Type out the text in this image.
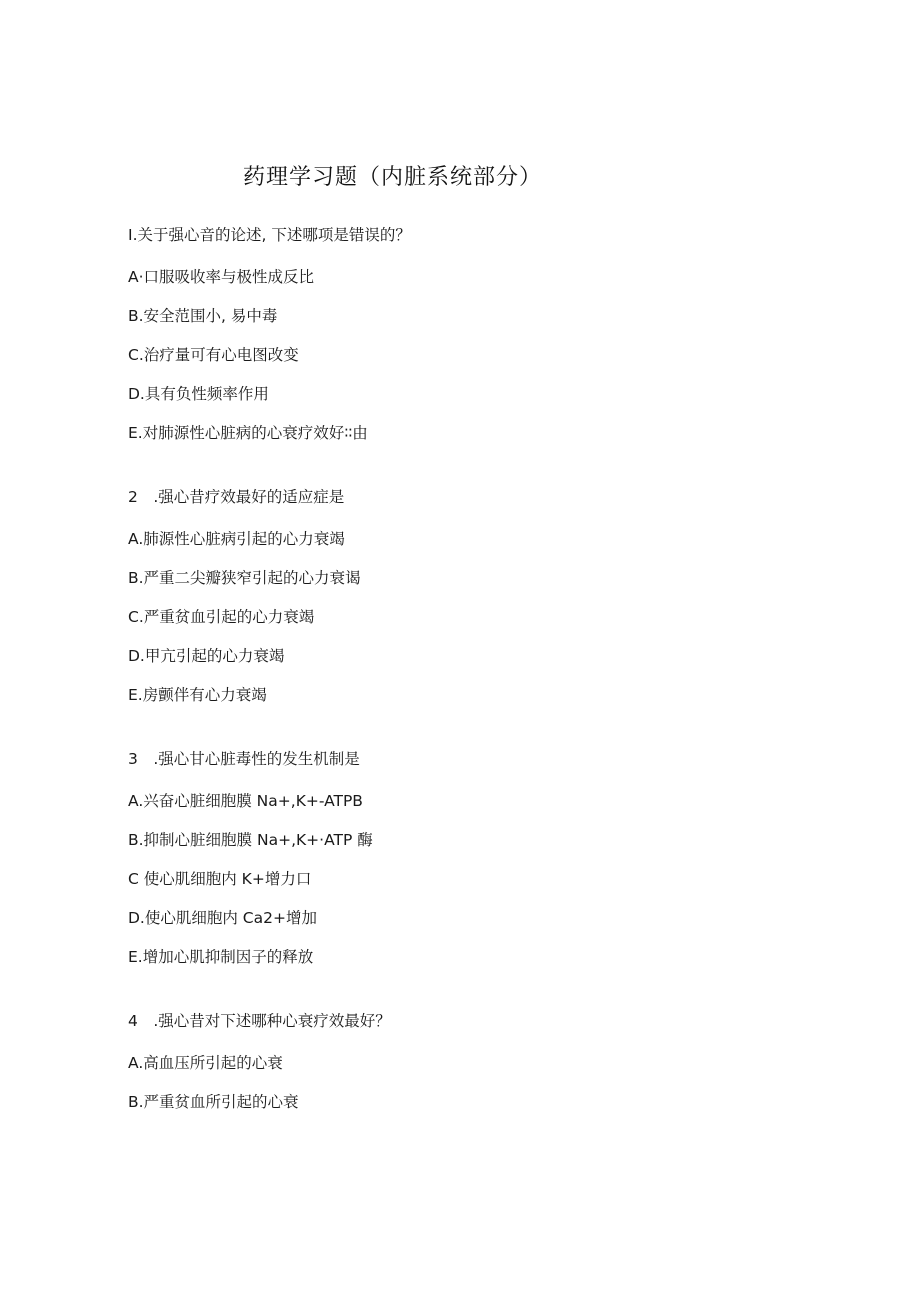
药理学习题（内脏系统部分）
I.关于强心音的论述, 下述哪项是错误的？
A·口服吸收率与极性成反比
B.安全范围小, 易中毒
C.治疗量可有心电图改变
D.具有负性频率作用
E.对肺源性心脏病的心衰疗效好∶∶由
2　.强心昔疗效最好的适应症是
A.肺源性心脏病引起的心力衰竭
B.严重二尖瓣狭窄引起的心力衰谒
C.严重贫血引起的心力衰竭
D.甲亢引起的心力衰竭
E.房颤伴有心力衰竭
3　.强心甘心脏毒性的发生机制是
A.兴奋心脏细胞膜 Na+,K+-ATPB
B.抑制心脏细胞膜 Na+,K+·ATP 酶
C 使心肌细胞内 K+增力口
D.使心肌细胞内 Ca2+增加
E.增加心肌抑制因子的释放
4　.强心昔对下述哪种心衰疗效最好？
A.高血压所引起的心衰
B.严重贫血所引起的心衰
